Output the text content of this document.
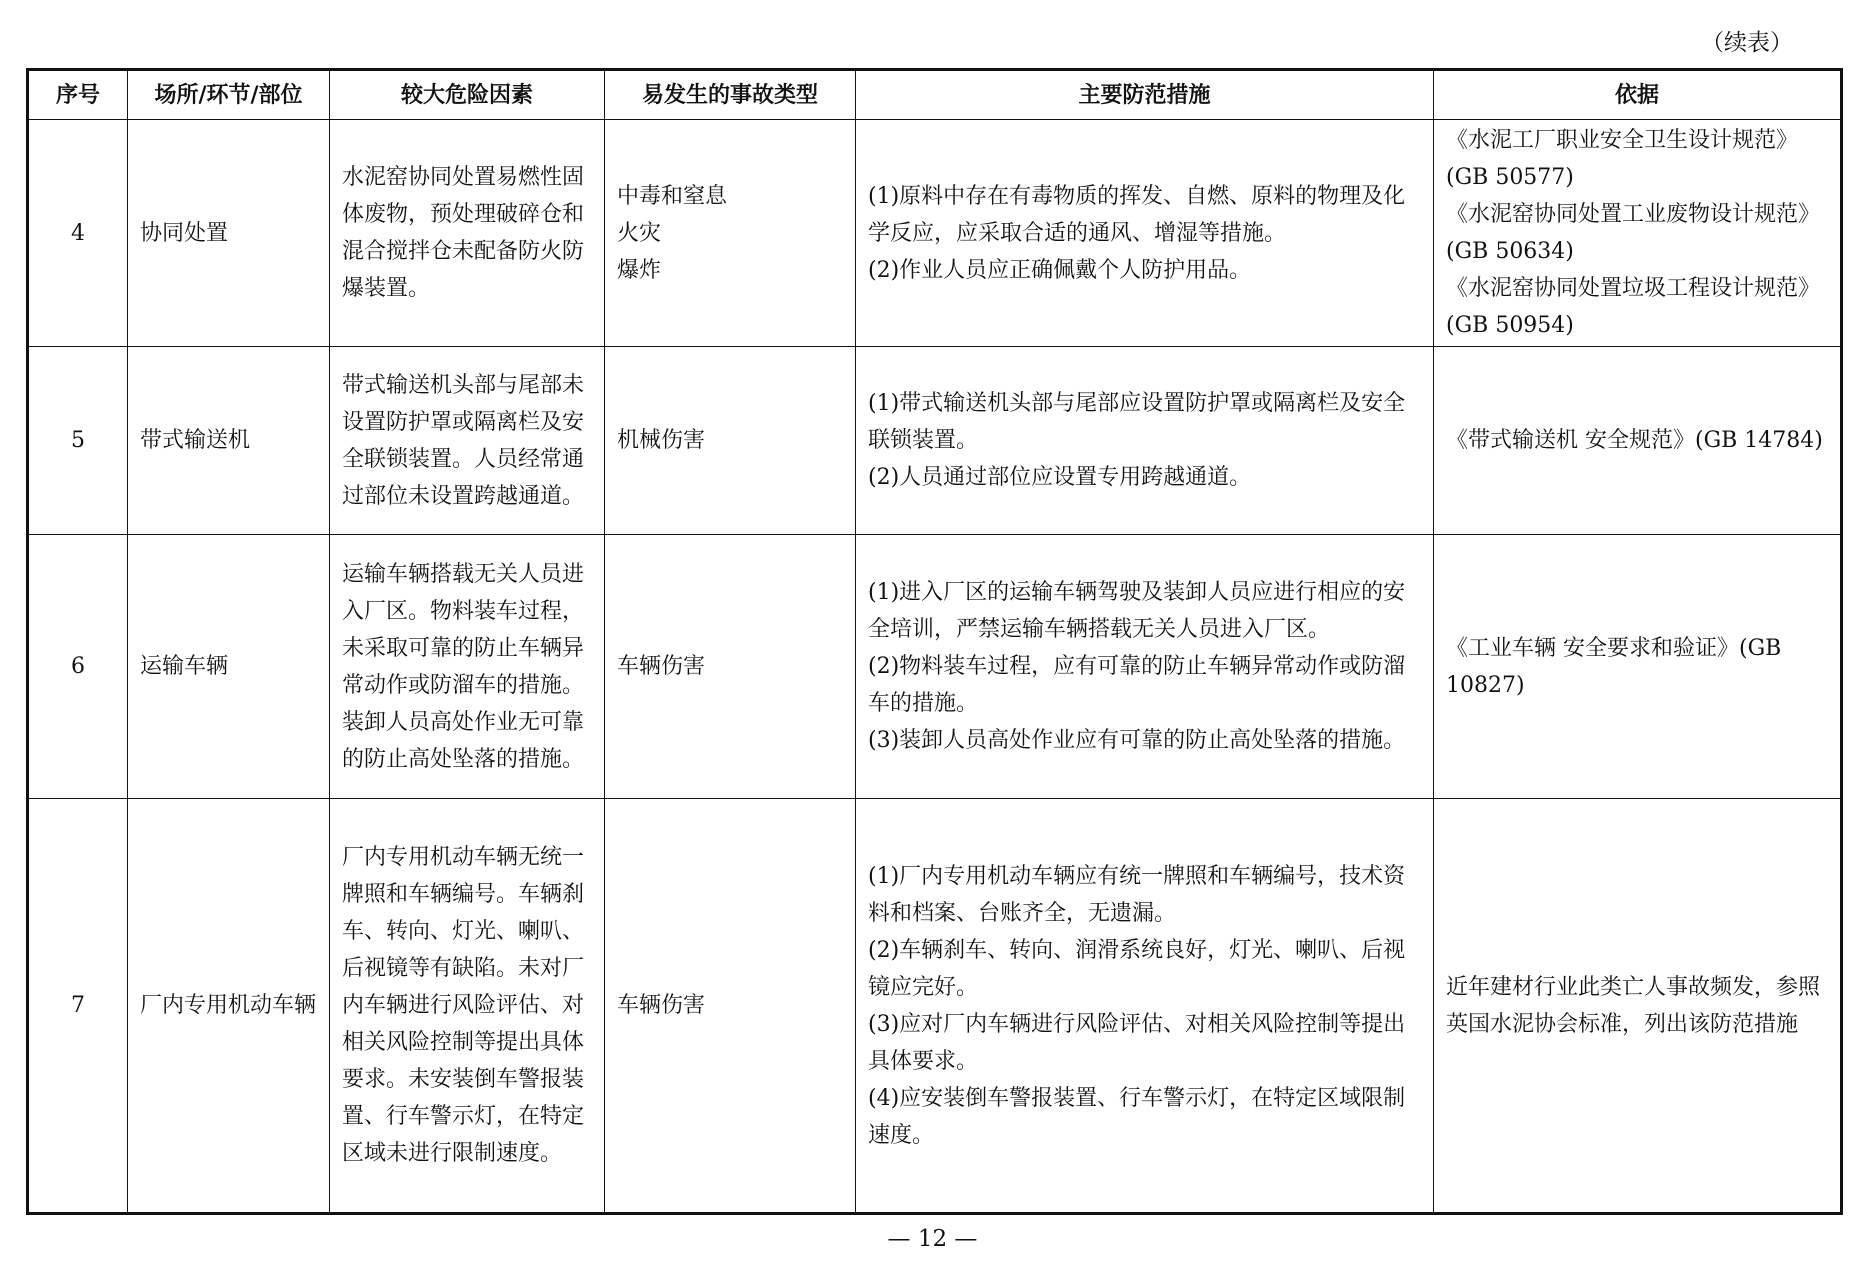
（续表）
序号	场所/环节/部位	较大危险因素	易发生的事故类型	主要防范措施	依据
4	协同处置	水泥窑协同处置易燃性固体废物，预处理破碎仓和混合搅拌仓未配备防火防爆装置。	中毒和窒息
火灾
爆炸	(1)原料中存在有毒物质的挥发、自燃、原料的物理及化学反应，应采取合适的通风、增湿等措施。
(2)作业人员应正确佩戴个人防护用品。	《水泥工厂职业安全卫生设计规范》(GB 50577)
《水泥窑协同处置工业废物设计规范》(GB 50634)
《水泥窑协同处置垃圾工程设计规范》(GB 50954)
5	带式输送机	带式输送机头部与尾部未设置防护罩或隔离栏及安全联锁装置。人员经常通过部位未设置跨越通道。	机械伤害	(1)带式输送机头部与尾部应设置防护罩或隔离栏及安全联锁装置。
(2)人员通过部位应设置专用跨越通道。	《带式输送机 安全规范》(GB 14784)
6	运输车辆	运输车辆搭载无关人员进入厂区。物料装车过程，未采取可靠的防止车辆异常动作或防溜车的措施。装卸人员高处作业无可靠的防止高处坠落的措施。	车辆伤害	(1)进入厂区的运输车辆驾驶及装卸人员应进行相应的安全培训，严禁运输车辆搭载无关人员进入厂区。
(2)物料装车过程，应有可靠的防止车辆异常动作或防溜车的措施。
(3)装卸人员高处作业应有可靠的防止高处坠落的措施。	《工业车辆 安全要求和验证》(GB 10827)
7	厂内专用机动车辆	厂内专用机动车辆无统一牌照和车辆编号。车辆刹车、转向、灯光、喇叭、后视镜等有缺陷。未对厂内车辆进行风险评估、对相关风险控制等提出具体要求。未安装倒车警报装置、行车警示灯，在特定区域未进行限制速度。	车辆伤害	(1)厂内专用机动车辆应有统一牌照和车辆编号，技术资料和档案、台账齐全，无遗漏。
(2)车辆刹车、转向、润滑系统良好，灯光、喇叭、后视镜应完好。
(3)应对厂内车辆进行风险评估、对相关风险控制等提出具体要求。
(4)应安装倒车警报装置、行车警示灯，在特定区域限制速度。	近年建材行业此类亡人事故频发，参照英国水泥协会标准，列出该防范措施
— 12 —
